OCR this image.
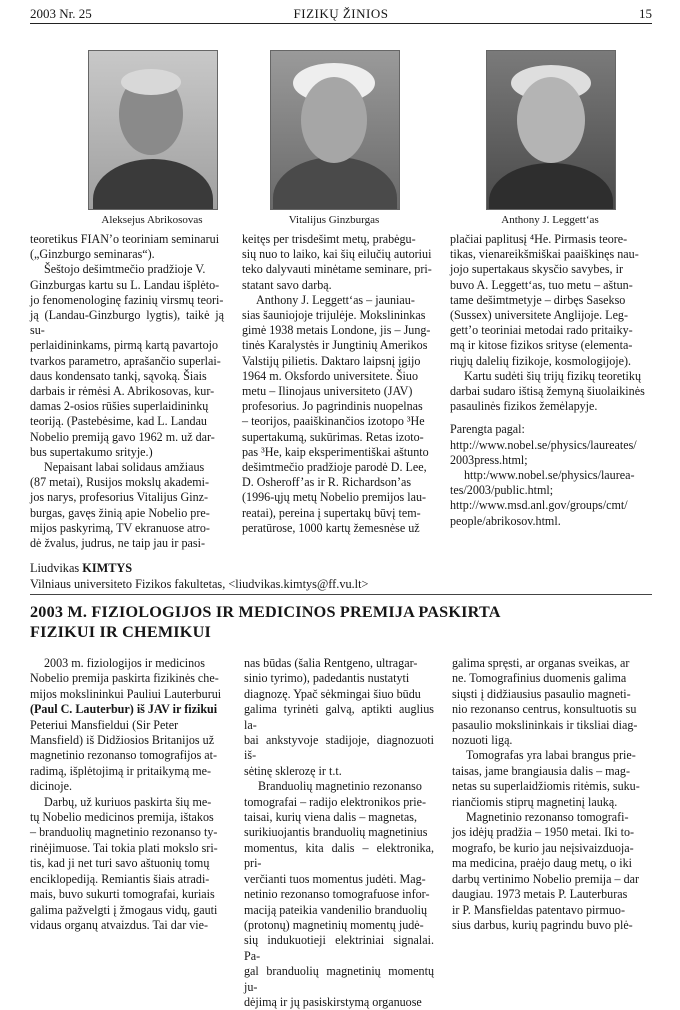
2003 Nr. 25	FIZIKŲ ŽINIOS	15
Aleksejus Abrikosovas	Vitalijus Ginzburgas	Anthony J. Leggett‘as

teoretikus FIAN’o teoriniam seminarui

(„Ginzburgo seminaras“).

Šeštojo dešimtmečio pradžioje V.

Ginzburgas kartu su L. Landau išplėto-

jo fenomenologinę fazinių virsmų teori-

ją (Landau-Ginzburgo lygtis), taikė ją su-

perlaidininkams, pirmą kartą pavartojo

tvarkos parametro, aprašančio superlai-

daus kondensato tankį, sąvoką. Šiais

darbais ir rėmėsi A. Abrikosovas, kur-

damas 2-osios rūšies superlaidininkų

teoriją. (Pastebėsime, kad L. Landau

Nobelio premiją gavo 1962 m. už dar-

bus supertakumo srityje.)

Nepaisant labai solidaus amžiaus

(87 metai), Rusijos mokslų akademi-

jos narys, profesorius Vitalijus Ginz-

burgas, gavęs žinią apie Nobelio pre-

mijos paskyrimą, TV ekranuose atro-

dė žvalus, judrus, ne taip jau ir pasi-

keitęs per trisdešimt metų, prabėgu-

sių nuo to laiko, kai šių eilučių autoriui

teko dalyvauti minėtame seminare, pri-

statant savo darbą.

Anthony J. Leggett‘as – jauniau-

sias šauniojoje trijulėje. Mokslininkas

gimė 1938 metais Londone, jis – Jung-

tinės Karalystės ir Jungtinių Amerikos

Valstijų pilietis. Daktaro laipsnį įgijo

1964 m. Oksfordo universitete. Šiuo

metu – Ilinojaus universiteto (JAV)

profesorius. Jo pagrindinis nuopelnas

– teorijos, paaiškinančios izotopo ³He

supertakumą, sukūrimas. Retas izoto-

pas ³He, kaip eksperimentiškai aštunto

dešimtmečio pradžioje parodė D. Lee,

D. Osheroff’as ir R. Richardson’as

(1996-ųjų metų Nobelio premijos lau-

reatai), pereina į supertakų būvį tem-

peratūrose, 1000 kartų žemesnėse už

plačiai paplitusį ⁴He. Pirmasis teore-

tikas, vienareikšmiškai paaiškinęs nau-

jojo supertakaus skysčio savybes, ir

buvo A. Leggett‘as, tuo metu – aštun-

tame dešimtmetyje – dirbęs Sasekso

(Sussex) universitete Anglijoje. Leg-

gett’o teoriniai metodai rado pritaiky-

mą ir kitose fizikos srityse (elementa-

riųjų dalelių fizikoje, kosmologijoje).

Kartu sudėti šių trijų fizikų teoretikų

darbai sudaro ištisą žemyną šiuolaikinės

pasaulinės fizikos žemėlapyje.

Parengta pagal:

http://www.nobel.se/physics/laureates/

2003press.html;

http:/www.nobel.se/physics/laurea-

tes/2003/public.html;

http://www.msd.anl.gov/groups/cmt/

people/abrikosov.html.

Liudvikas KIMTYS
Vilniaus universiteto Fizikos fakultetas, <liudvikas.kimtys@ff.vu.lt>
2003 M. FIZIOLOGIJOS IR MEDICINOS PREMIJA PASKIRTA
FIZIKUI IR CHEMIKUI

2003 m. fiziologijos ir medicinos

Nobelio premija paskirta fizikinės che-

mijos mokslininkui Pauliui Lauterburui

(Paul C. Lauterbur) iš JAV ir fizikui

Peteriui Mansfieldui (Sir Peter

Mansfield) iš Didžiosios Britanijos už

magnetinio rezonanso tomografijos at-

radimą, išplėtojimą ir pritaikymą me-

dicinoje.

Darbų, už kuriuos paskirta šių me-

tų Nobelio medicinos premija, ištakos

– branduolių magnetinio rezonanso ty-

rinėjimuose. Tai tokia plati mokslo sri-

tis, kad ji net turi savo aštuonių tomų

enciklopediją. Remiantis šiais atradi-

mais, buvo sukurti tomografai, kuriais

galima pažvelgti į žmogaus vidų, gauti

vidaus organų atvaizdus. Tai dar vie-

nas būdas (šalia Rentgeno, ultragar-

sinio tyrimo), padedantis nustatyti

diagnozę. Ypač sėkmingai šiuo būdu

galima tyrinėti galvą, aptikti auglius la-

bai ankstyvoje stadijoje, diagnozuoti iš-

sėtinę sklerozę ir t.t.

Branduolių magnetinio rezonanso

tomografai – radijo elektronikos prie-

taisai, kurių viena dalis – magnetas,

surikiuojantis branduolių magnetinius

momentus, kita dalis – elektronika, pri-

verčianti tuos momentus judėti. Mag-

netinio rezonanso tomografuose infor-

maciją pateikia vandenilio branduolių

(protonų) magnetinių momentų judė-

sių indukuotieji elektriniai signalai. Pa-

gal branduolių magnetinių momentų ju-

dėjimą ir jų pasiskirstymą organuose

galima spręsti, ar organas sveikas, ar

ne. Tomografinius duomenis galima

siųsti į didžiausius pasaulio magneti-

nio rezonanso centrus, konsultuotis su

pasaulio mokslininkais ir tiksliai diag-

nozuoti ligą.

Tomografas yra labai brangus prie-

taisas, jame brangiausia dalis – mag-

netas su superlaidžiomis ritėmis, suku-

riančiomis stiprų magnetinį lauką.

Magnetinio rezonanso tomografi-

jos idėjų pradžia – 1950 metai. Iki to-

mografo, be kurio jau neįsivaizduoja-

ma medicina, praėjo daug metų, o iki

darbų vertinimo Nobelio premija – dar

daugiau. 1973 metais P. Lauterburas

ir P. Mansfieldas patentavo pirmuo-

sius darbus, kurių pagrindu buvo plė-
